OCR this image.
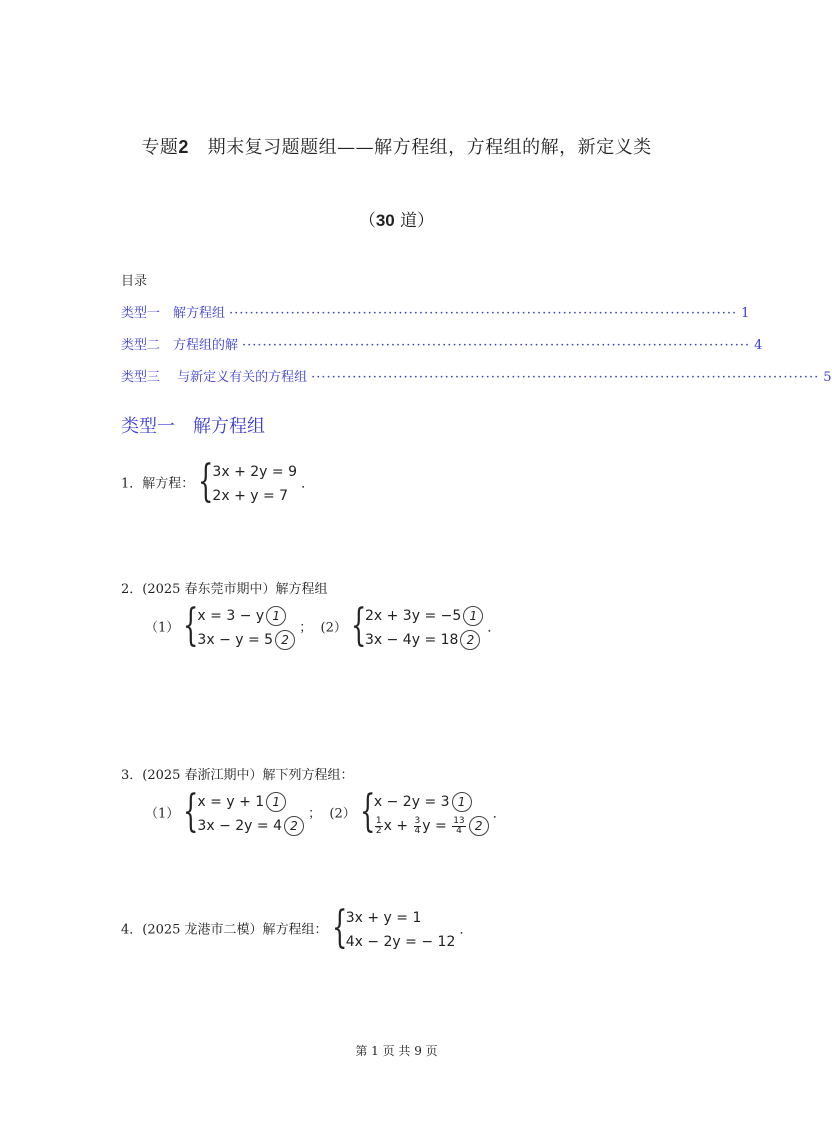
专题2 期末复习题题组——解方程组，方程组的解，新定义类
（30 道）
目录
类型一　解方程组 ··································································································· 1
类型二　方程组的解 ··································································································· 4
类型三　 与新定义有关的方程组 ··································································································· 5
类型一　解方程组
1．解方程： {
3x + 2y = 9
2x + y = 7
．
2．(2025 春东莞市期中）解方程组
（1） {
x = 3 − y 1
3x − y = 5 2
； (2） {
2x + 3y = −5 1
3x − 4y = 18 2
．
3．(2025 春浙江期中）解下列方程组：
（1） {
x = y + 1 1
3x − 2y = 4 2
； (2） {
x − 2y = 3 1
$\frac{1}{2}$ $x + \frac{3}{4}$ $y = \frac{13}{4} 2$
．
4．(2025 龙港市二模）解方程组： {
3x + y = 1
4x − 2y = − 12
．
第 1 页 共 9 页
